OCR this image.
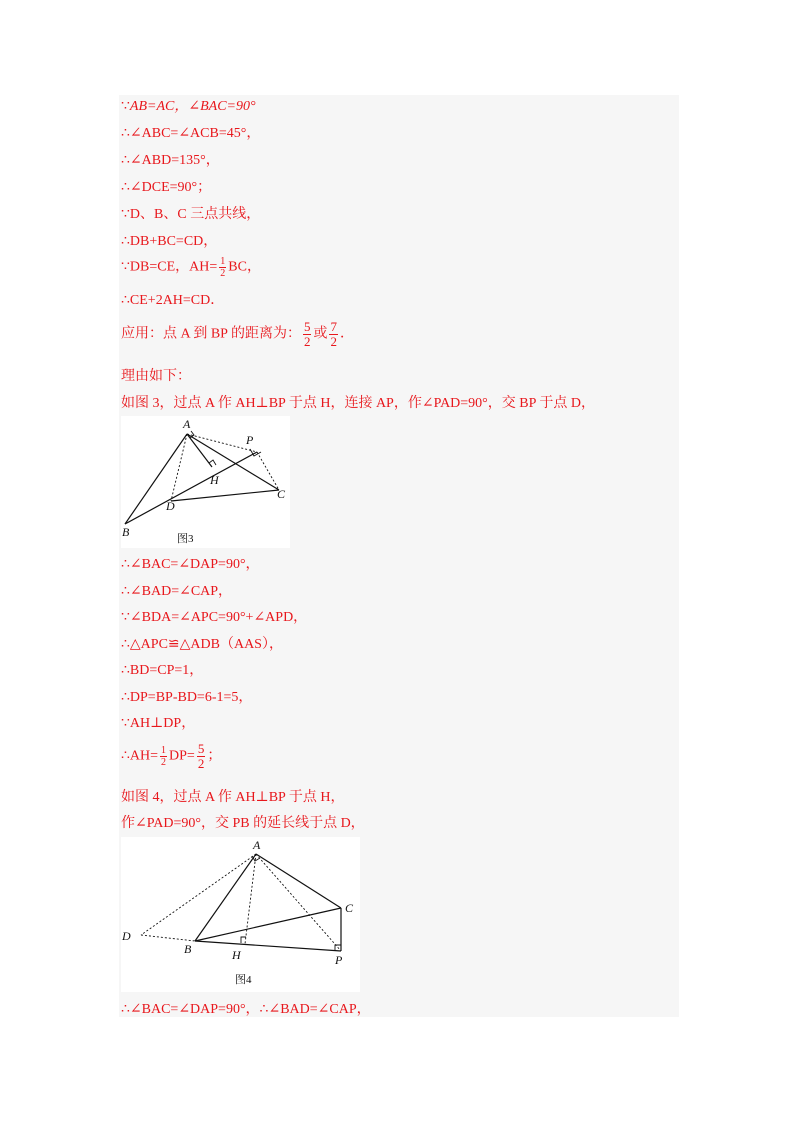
∵AB=AC，∠BAC=90°
∴∠ABC=∠ACB=45°，
∴∠ABD=135°，
∴∠DCE=90°；
∵D、B、C 三点共线，
∴DB+BC=CD，
∵DB=CE，$AH= \frac{1}{2}$ BC，
∴CE+2AH=CD．
应用：点 A 到 BP 的距离为： $\frac{5}{2}$ 或 $\frac{7}{2}$ ．
理由如下：
如图 3，过点 A 作 AH⊥BP 于点 H，连接 AP，作∠PAD=90°，交 BP 于点 D，
A
P
H
D
C
B	图3
∴∠BAC=∠DAP=90°，
∴∠BAD=∠CAP，
∵∠BDA=∠APC=90°+∠APD，
∴△APC≌△ADB（AAS），
∴BD=CP=1，
∴DP=BP-BD=6-1=5，
∵AH⊥DP，
∴AH= $\frac{1}{2} DP= \frac{5}{2}$ ；
如图 4，过点 A 作 AH⊥BP 于点 H，
作∠PAD=90°，交 PB 的延长线于点 D，
A
C
D
B	H	P
图4
∴∠BAC=∠DAP=90°，∴∠BAD=∠CAP，
